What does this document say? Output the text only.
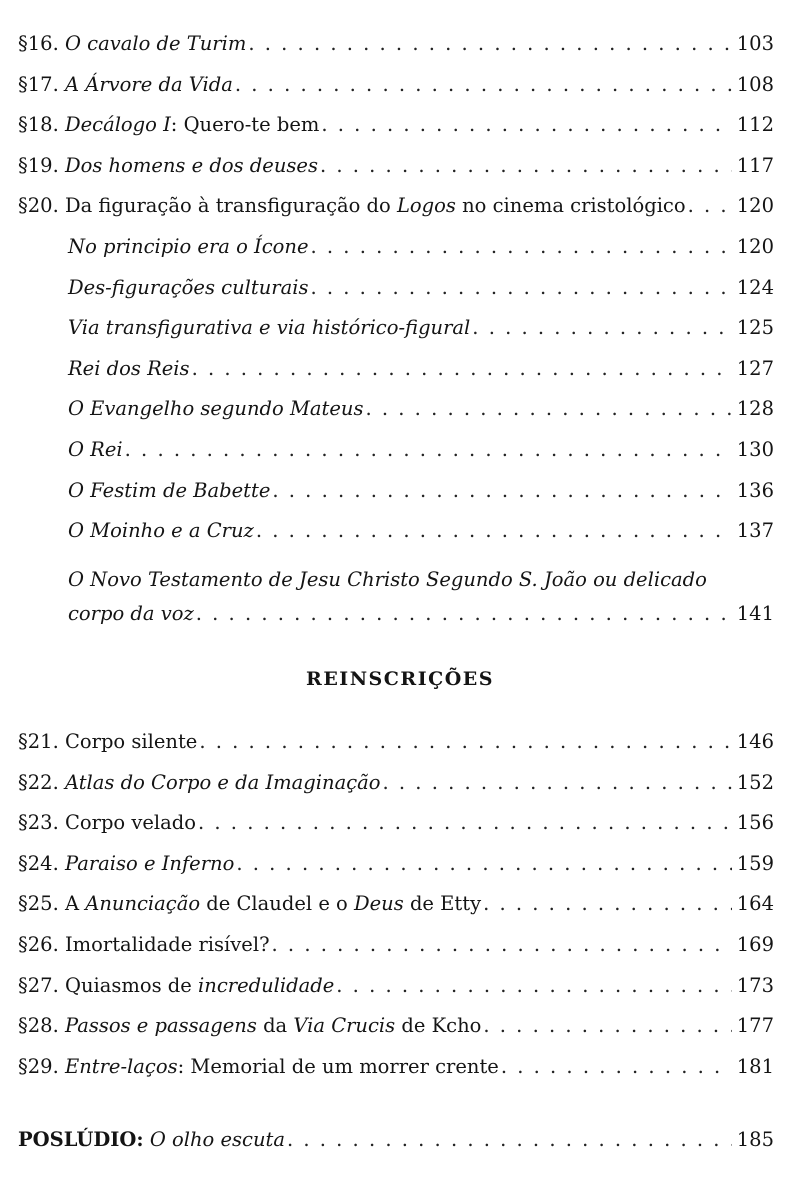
§16. O cavalo de Turim . . .	103
§17. A Árvore da Vida . . .	108
§18. Decálogo I: Quero-te bem . . .	112
§19. Dos homens e dos deuses . . .	117
§20. Da figuração à transfiguração do Logos no cinema cristológico . . .	120
No principio era o Ícone . . .	120
Des-figurações culturais . . .	124
Via transfigurativa e via histórico-figural . . .	125
Rei dos Reis . . .	127
O Evangelho segundo Mateus . . .	128
O Rei . . .	130
O Festim de Babette . . .	136
O Moinho e a Cruz . . .	137
O Novo Testamento de Jesu Christo Segundo S. João ou delicado
corpo da voz . . .	141
REINSCRIÇÕES
§21. Corpo silente . . .	146
§22. Atlas do Corpo e da Imaginação . . .	152
§23. Corpo velado . . .	156
§24. Paraiso e Inferno . . .	159
§25. A Anunciação de Claudel e o Deus de Etty . . .	164
§26. Imortalidade risível? . . .	169
§27. Quiasmos de incredulidade . . .	173
§28. Passos e passagens da Via Crucis de Kcho . . .	177
§29. Entre-laços: Memorial de um morrer crente . . .	181
POSLÚDIO: O olho escuta . . .	185
